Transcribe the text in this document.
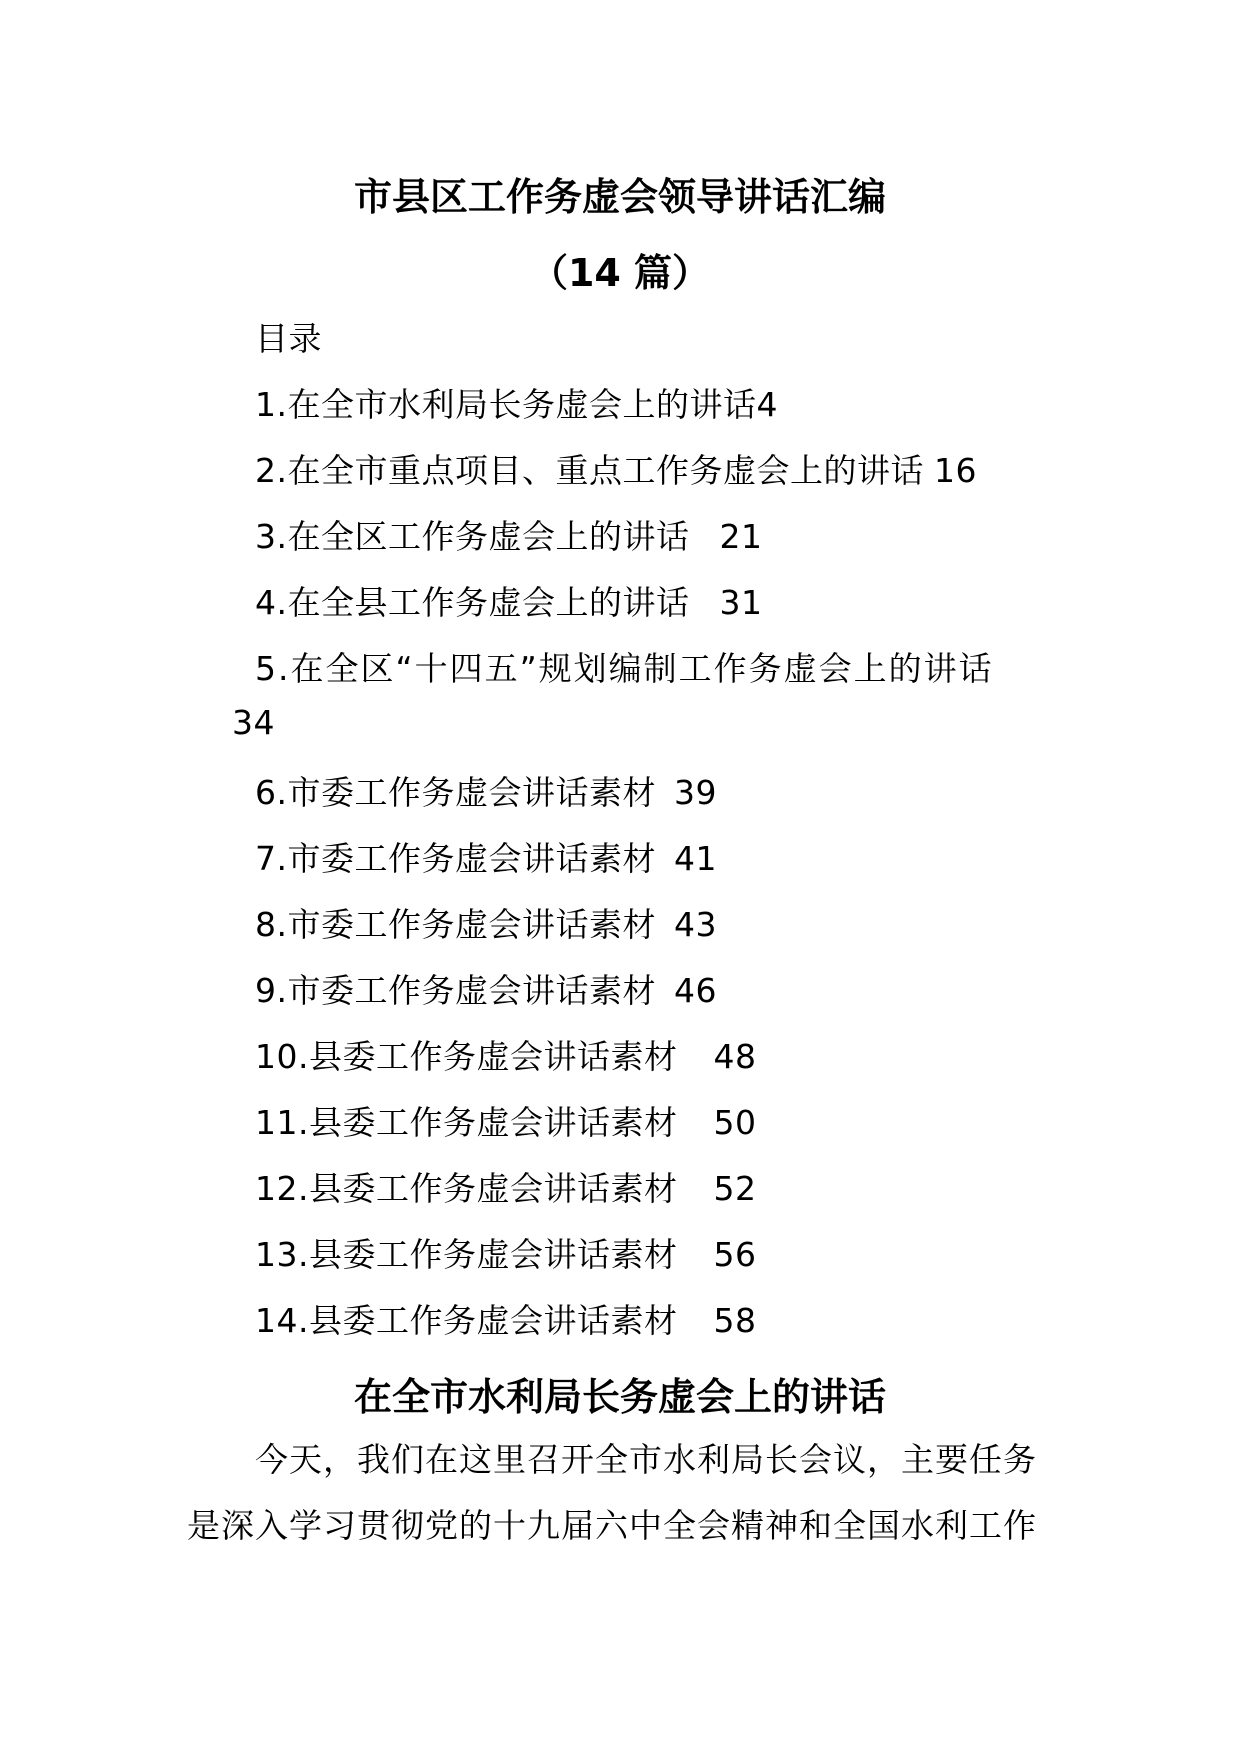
市县区工作务虚会领导讲话汇编
（14 篇）
目录
1.在全市水利局长务虚会上的讲话4
2.在全市重点项目、重点工作务虚会上的讲话 16
3.在全区工作务虚会上的讲话 21
4.在全县工作务虚会上的讲话 31
5.在全区“十四五”规划编制工作务虚会上的讲话
34
6.市委工作务虚会讲话素材 39
7.市委工作务虚会讲话素材 41
8.市委工作务虚会讲话素材 43
9.市委工作务虚会讲话素材 46
10.县委工作务虚会讲话素材 48
11.县委工作务虚会讲话素材 50
12.县委工作务虚会讲话素材 52
13.县委工作务虚会讲话素材 56
14.县委工作务虚会讲话素材 58
在全市水利局长务虚会上的讲话
今天，我们在这里召开全市水利局长会议，主要任务
是深入学习贯彻党的十九届六中全会精神和全国水利工作
